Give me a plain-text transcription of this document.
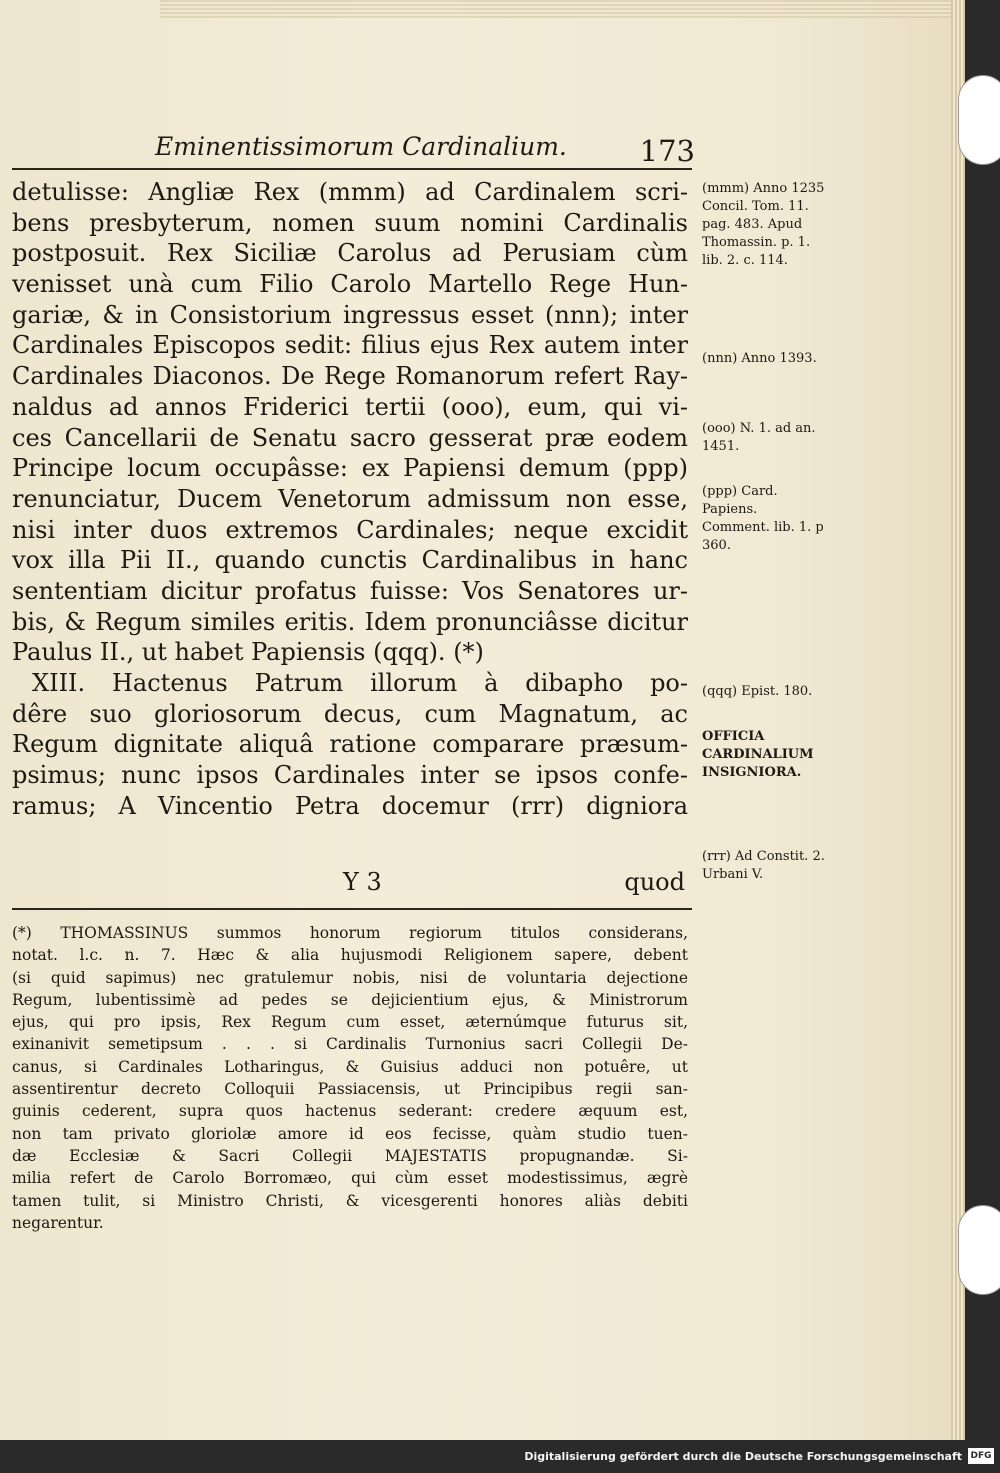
Eminentissimorum Cardinalium.	173
detulisse: Angliæ Rex (mmm) ad Cardinalem scri-
bens presbyterum, nomen suum nomini Cardinalis
postposuit. Rex Siciliæ Carolus ad Perusiam cùm
venisset unà cum Filio Carolo Martello Rege Hun-
gariæ, & in Consistorium ingressus esset (nnn); inter
Cardinales Episcopos sedit: filius ejus Rex autem inter
Cardinales Diaconos. De Rege Romanorum refert Ray-
naldus ad annos Friderici tertii (ooo), eum, qui vi-
ces Cancellarii de Senatu sacro gesserat præ eodem
Principe locum occupâsse: ex Papiensi demum (ppp)
renunciatur, Ducem Venetorum admissum non esse,
nisi inter duos extremos Cardinales; neque excidit
vox illa Pii II., quando cunctis Cardinalibus in hanc
sententiam dicitur profatus fuisse: Vos Senatores ur-
bis, & Regum similes eritis. Idem pronunciâsse dicitur
Paulus II., ut habet Papiensis (qqq). (*)
XIII. Hactenus Patrum illorum à dibapho po-
dêre suo gloriosorum decus, cum Magnatum, ac
Regum dignitate aliquâ ratione comparare præsum-
psimus; nunc ipsos Cardinales inter se ipsos confe-
ramus; A Vincentio Petra docemur (rrr) digniora
Y 3	quod
(mmm) Anno 1235 Concil. Tom. 11. pag. 483. Apud Thomassin. p. 1. lib. 2. c. 114.
(nnn) Anno 1393.
(ooo) N. 1. ad an. 1451.
(ppp) Card. Papiens. Comment. lib. 1. p 360.
(qqq) Epist. 180.
OFFICIA CARDINALIUM INSIGNIORA.
(rrr) Ad Constit. 2. Urbani V.
(*) THOMASSINUS summos honorum regiorum titulos considerans,
notat. l.c. n. 7. Hæc & alia hujusmodi Religionem sapere, debent
(si quid sapimus) nec gratulemur nobis, nisi de voluntaria dejectione
Regum, lubentissimè ad pedes se dejicientium ejus, & Ministrorum
ejus, qui pro ipsis, Rex Regum cum esset, æternúmque futurus sit,
exinanivit semetipsum . . . si Cardinalis Turnonius sacri Collegii De-
canus, si Cardinales Lotharingus, & Guisius adduci non potuêre, ut
assentirentur decreto Colloquii Passiacensis, ut Principibus regii san-
guinis cederent, supra quos hactenus sederant: credere æquum est,
non tam privato gloriolæ amore id eos fecisse, quàm studio tuen-
dæ Ecclesiæ & Sacri Collegii MAJESTATIS propugnandæ. Si-
milia refert de Carolo Borromæo, qui cùm esset modestissimus, ægrè
tamen tulit, si Ministro Christi, & vicesgerenti honores aliàs debiti
negarentur.
Digitalisierung gefördert durch die Deutsche Forschungsgemeinschaft DFG
